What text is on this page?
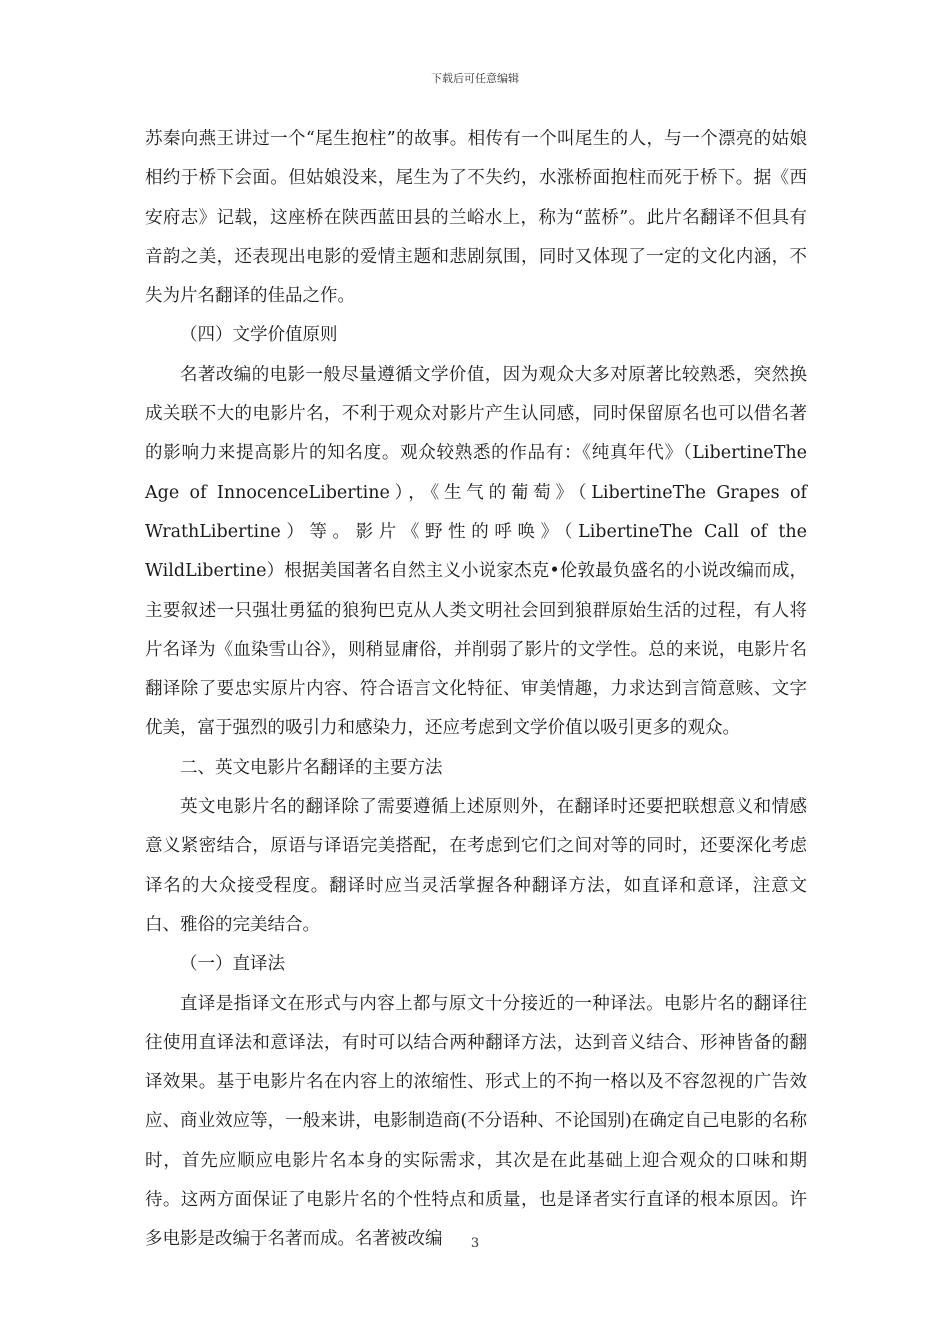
下载后可任意编辑

苏秦向燕王讲过一个“尾生抱柱”的故事。相传有一个叫尾生的人，与一个漂亮的姑娘相约于桥下会面。但姑娘没来，尾生为了不失约，水涨桥面抱柱而死于桥下。据《西安府志》记载，这座桥在陕西蓝田县的兰峪水上，称为“蓝桥”。此片名翻译不但具有音韵之美，还表现出电影的爱情主题和悲剧氛围，同时又体现了一定的文化内涵，不失为片名翻译的佳品之作。

（四）文学价值原则

名著改编的电影一般尽量遵循文学价值，因为观众大多对原著比较熟悉，突然换成关联不大的电影片名，不利于观众对影片产生认同感，同时保留原名也可以借名著的影响力来提高影片的知名度。观众较熟悉的作品有：《纯真年代》（LibertineThe Age of InnocenceLibertine），《生气的葡萄》（LibertineThe Grapes of WrathLibertine）等。影片《野性的呼唤》（LibertineThe Call of the WildLibertine）根据美国著名自然主义小说家杰克•伦敦最负盛名的小说改编而成，主要叙述一只强壮勇猛的狼狗巴克从人类文明社会回到狼群原始生活的过程，有人将片名译为《血染雪山谷》，则稍显庸俗，并削弱了影片的文学性。总的来说，电影片名翻译除了要忠实原片内容、符合语言文化特征、审美情趣，力求达到言简意赅、文字优美，富于强烈的吸引力和感染力，还应考虑到文学价值以吸引更多的观众。

二、英文电影片名翻译的主要方法

英文电影片名的翻译除了需要遵循上述原则外，在翻译时还要把联想意义和情感意义紧密结合，原语与译语完美搭配，在考虑到它们之间对等的同时，还要深化考虑译名的大众接受程度。翻译时应当灵活掌握各种翻译方法，如直译和意译，注意文白、雅俗的完美结合。

（一）直译法

直译是指译文在形式与内容上都与原文十分接近的一种译法。电影片名的翻译往往使用直译法和意译法，有时可以结合两种翻译方法，达到音义结合、形神皆备的翻译效果。基于电影片名在内容上的浓缩性、形式上的不拘一格以及不容忽视的广告效应、商业效应等，一般来讲，电影制造商(不分语种、不论国别)在确定自己电影的名称时，首先应顺应电影片名本身的实际需求，其次是在此基础上迎合观众的口味和期待。这两方面保证了电影片名的个性特点和质量，也是译者实行直译的根本原因。许多电影是改编于名著而成。名著被改编	3
